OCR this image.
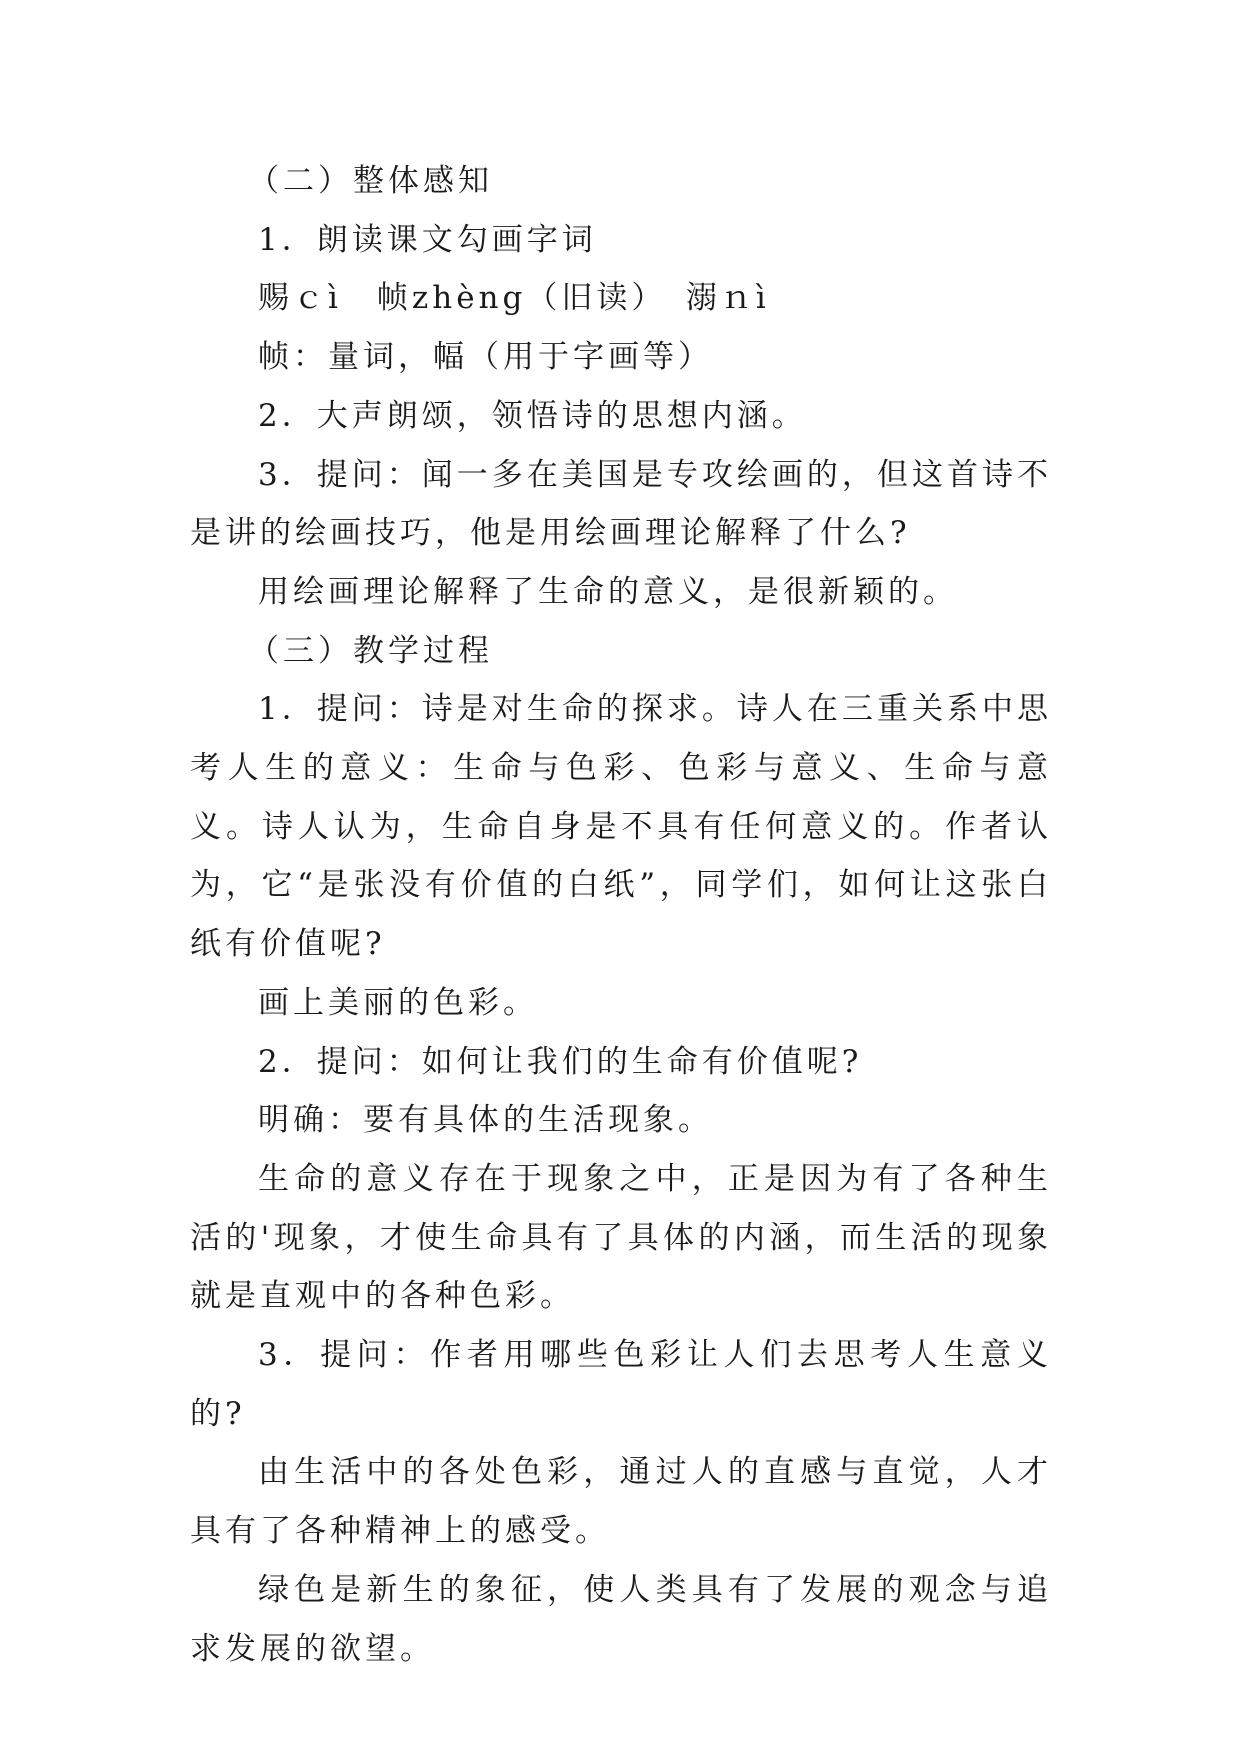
（二）整体感知

1．朗读课文勾画字词

赐ｃì　帧zhèng（旧读）　溺ｎì

帧：量词，幅（用于字画等）

2．大声朗颂，领悟诗的思想内涵。

3．提问：闻一多在美国是专攻绘画的，但这首诗不是讲的绘画技巧，他是用绘画理论解释了什么?

用绘画理论解释了生命的意义，是很新颖的。

（三）教学过程

1．提问：诗是对生命的探求。诗人在三重关系中思考人生的意义：生命与色彩、色彩与意义、生命与意义。诗人认为，生命自身是不具有任何意义的。作者认为，它“是张没有价值的白纸”，同学们，如何让这张白纸有价值呢?

画上美丽的色彩。

2．提问：如何让我们的生命有价值呢?

明确：要有具体的生活现象。

生命的意义存在于现象之中，正是因为有了各种生活的'现象，才使生命具有了具体的内涵，而生活的现象就是直观中的各种色彩。

3．提问：作者用哪些色彩让人们去思考人生意义的?

由生活中的各处色彩，通过人的直感与直觉，人才具有了各种精神上的感受。

绿色是新生的象征，使人类具有了发展的观念与追求发展的欲望。
